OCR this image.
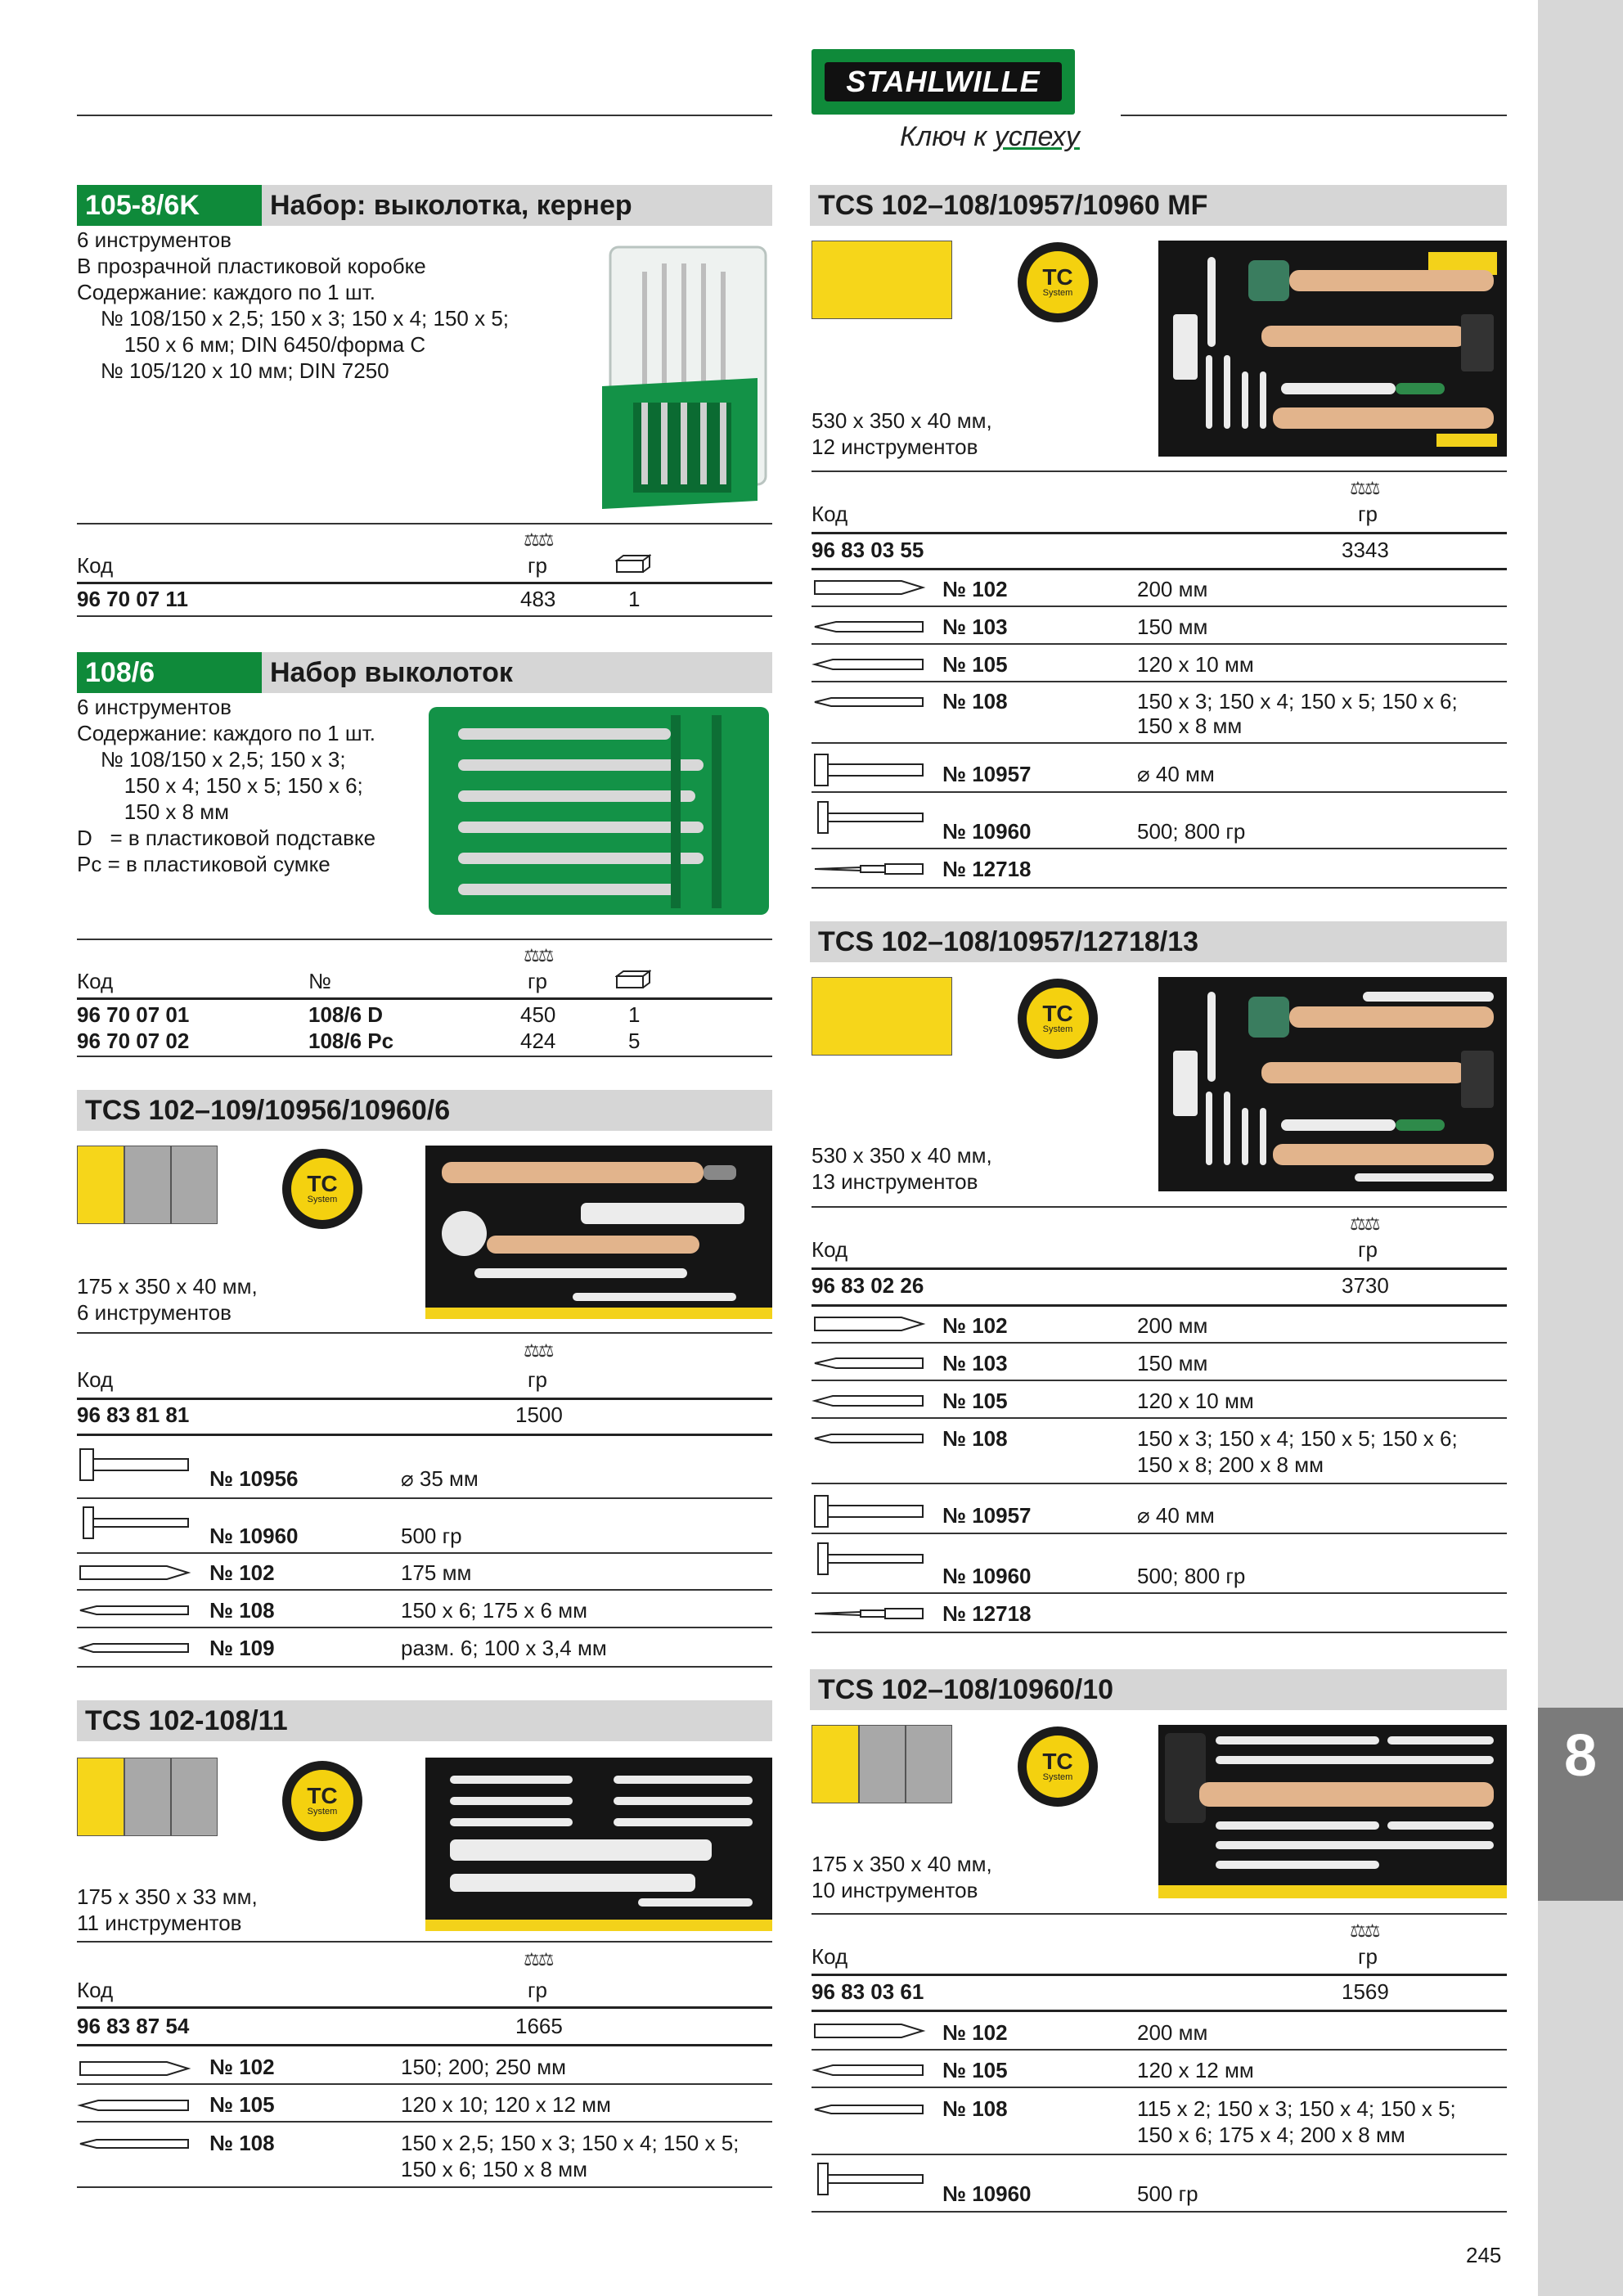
8
STAHLWILLE
Ключ к успеху
105-8/6K	Набор: выколотка, кернер
6 инструментов
В прозрачной пластиковой коробке
Содержание: каждого по 1 шт.
№ 108/150 x 2,5; 150 x 3; 150 x 4; 150 x 5;
150 x 6 мм; DIN 6450/форма C
№ 105/120 x 10 мм; DIN 7250
⚖⚖
Код	гр
96 70 07 11	483	1
108/6	Набор выколоток
6 инструментов
Содержание: каждого по 1 шт.
№ 108/150 x 2,5; 150 x 3;
150 x 4; 150 x 5; 150 x 6;
150 x 8 мм
D   = в пластиковой подставке
Pc = в пластиковой сумке
⚖⚖
Код	№	гр
96 70 07 01	108/6 D	450	1
96 70 07 02	108/6 Pc	424	5
TCS 102–109/10956/10960/6
TC
System
175 x 350 x 40 мм,
6 инструментов
⚖⚖
Код	гр
96 83 81 81	1500
№ 10956	⌀ 35 мм
№ 10960	500 гр
№ 102	175 мм
№ 108	150 x 6; 175 x 6 мм
№ 109	разм. 6; 100 x 3,4 мм
TCS 102-108/11
TC
System
175 x 350 x 33 мм,
11 инструментов
⚖⚖
Код	гр
96 83 87 54	1665
№ 102	150; 200; 250 мм
№ 105	120 x 10; 120 x 12 мм
№ 108	150 x 2,5; 150 x 3; 150 x 4; 150 x 5;
150 x 6; 150 x 8 мм
TCS 102–108/10957/10960 MF
TC
System
530 x 350 x 40 мм,
12 инструментов
⚖⚖
Код	гр
96 83 03 55	3343
№ 102	200 мм
№ 103	150 мм
№ 105	120 x 10 мм
№ 108	150 x 3; 150 x 4; 150 x 5; 150 x 6;
150 x 8 мм
№ 10957	⌀ 40 мм
№ 10960	500; 800 гр
№ 12718
TCS 102–108/10957/12718/13
TC
System
530 x 350 x 40 мм,
13 инструментов
⚖⚖
Код	гр
96 83 02 26	3730
№ 102	200 мм
№ 103	150 мм
№ 105	120 x 10 мм
№ 108	150 x 3; 150 x 4; 150 x 5; 150 x 6;
150 x 8; 200 x 8 мм
№ 10957	⌀ 40 мм
№ 10960	500; 800 гр
№ 12718
TCS 102–108/10960/10
TC
System
175 x 350 x 40 мм,
10 инструментов
⚖⚖
Код	гр
96 83 03 61	1569
№ 102	200 мм
№ 105	120 x 12 мм
№ 108	115 x 2; 150 x 3; 150 x 4; 150 x 5;
150 x 6; 175 x 4; 200 x 8 мм
№ 10960	500 гр
245
